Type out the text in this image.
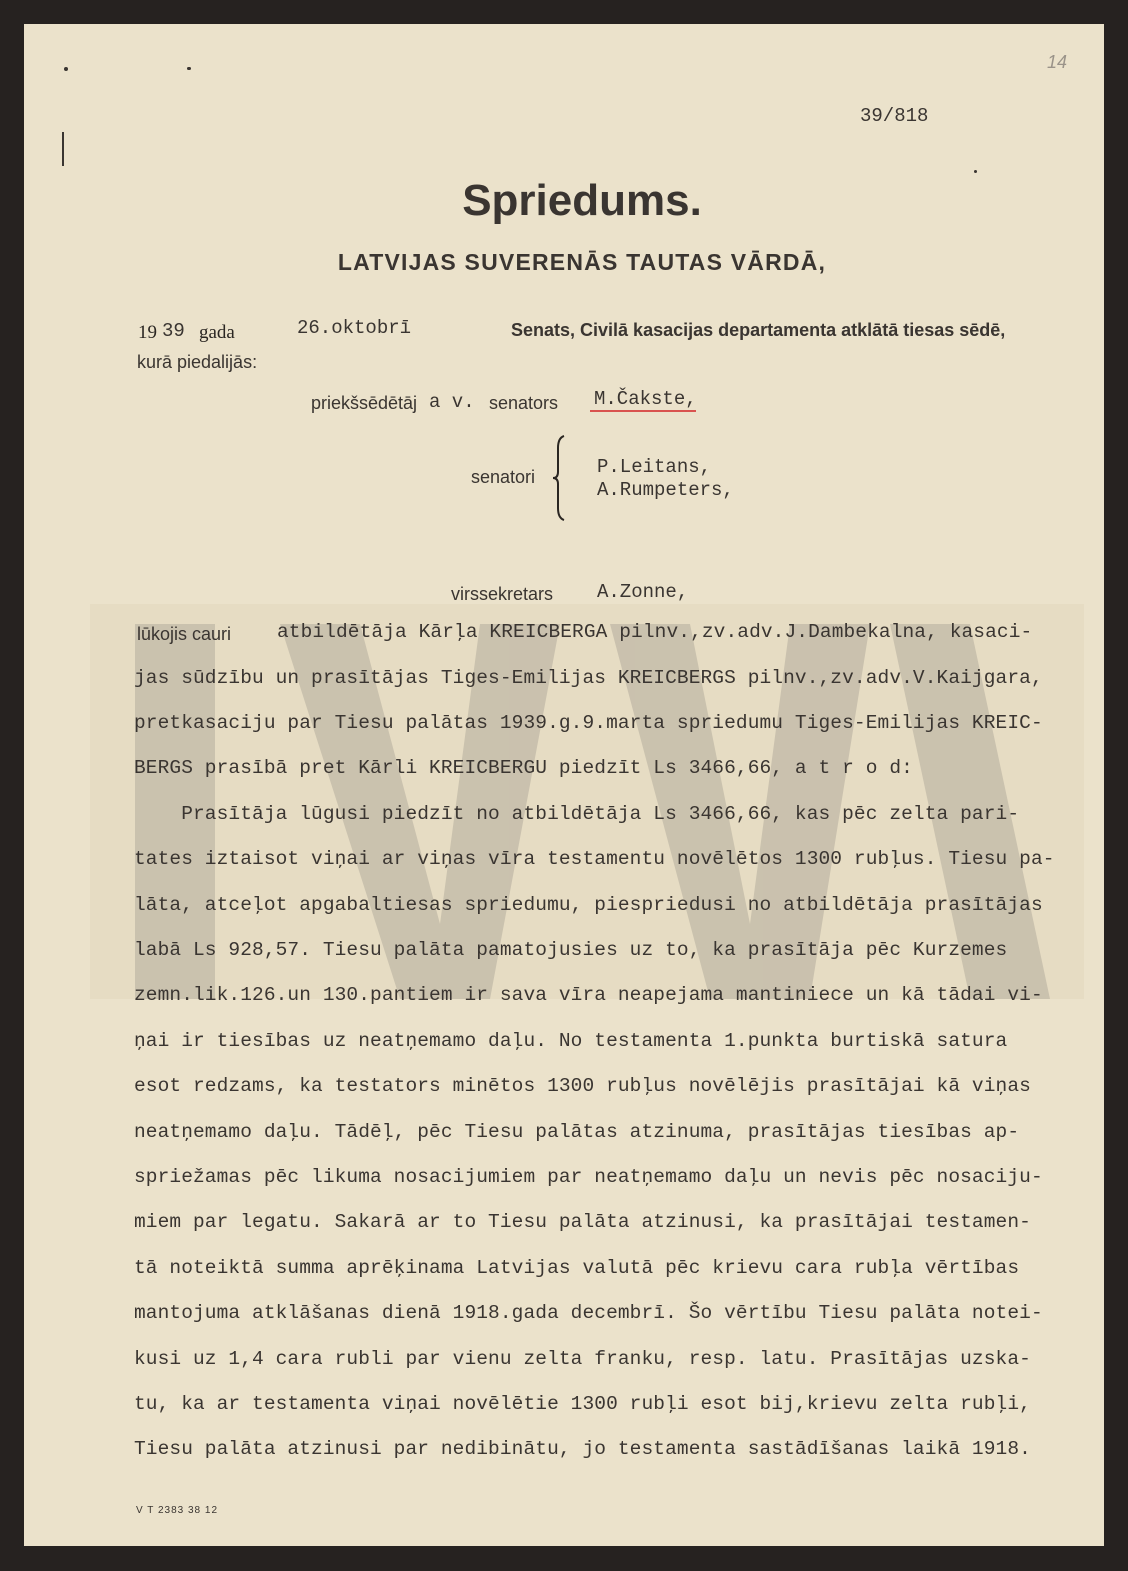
14
39/818
Spriedums.
LATVIJAS SUVERENĀS TAUTAS VĀRDĀ,
19 39 gada	26.oktobrī	Senats, Civilā kasacijas departamenta atklātā tiesas sēdē,
kurā piedalijās:
priekšsēdētāj a v. senators M.Čakste,
senatori	P.Leitans,
A.Rumpeters,
virssekretars A.Zonne,
lūkojis cauri atbildētāja Kārļa KREICBERGA pilnv.,zv.adv.J.Dambekalna, kasaci-
jas sūdzību un prasītājas Tiges-Emilijas KREICBERGS pilnv.,zv.adv.V.Kaijgara,
pretkasaciju par Tiesu palātas 1939.g.9.marta spriedumu Tiges-Emilijas KREIC-
BERGS prasībā pret Kārli KREICBERGU piedzīt Ls 3466,66, a t r o d:
Prasītāja lūgusi piedzīt no atbildētāja Ls 3466,66, kas pēc zelta pari-
tates iztaisot viņai ar viņas vīra testamentu novēlētos 1300 rubļus. Tiesu pa-
lāta, atceļot apgabaltiesas spriedumu, piespriedusi no atbildētāja prasītājas
labā Ls 928,57. Tiesu palāta pamatojusies uz to, ka prasītāja pēc Kurzemes
zemn.lik.126.un 130.pantiem ir sava vīra neapejama mantiniece un kā tādai vi-
ņai ir tiesības uz neatņemamo daļu. No testamenta 1.punkta burtiskā satura
esot redzams, ka testators minētos 1300 rubļus novēlējis prasītājai kā viņas
neatņemamo daļu. Tādēļ, pēc Tiesu palātas atzinuma, prasītājas tiesības ap-
spriežamas pēc likuma nosacijumiem par neatņemamo daļu un nevis pēc nosaciju-
miem par legatu. Sakarā ar to Tiesu palāta atzinusi, ka prasītājai testamen-
tā noteiktā summa aprēķinama Latvijas valutā pēc krievu cara rubļa vērtības
mantojuma atklāšanas dienā 1918.gada decembrī. Šo vērtību Tiesu palāta notei-
kusi uz 1,4 cara rubli par vienu zelta franku, resp. latu. Prasītājas uzska-
tu, ka ar testamenta viņai novēlētie 1300 rubļi esot bij,krievu zelta rubļi,
Tiesu palāta atzinusi par nedibinātu, jo testamenta sastādīšanas laikā 1918.
V T 2383 38 12
